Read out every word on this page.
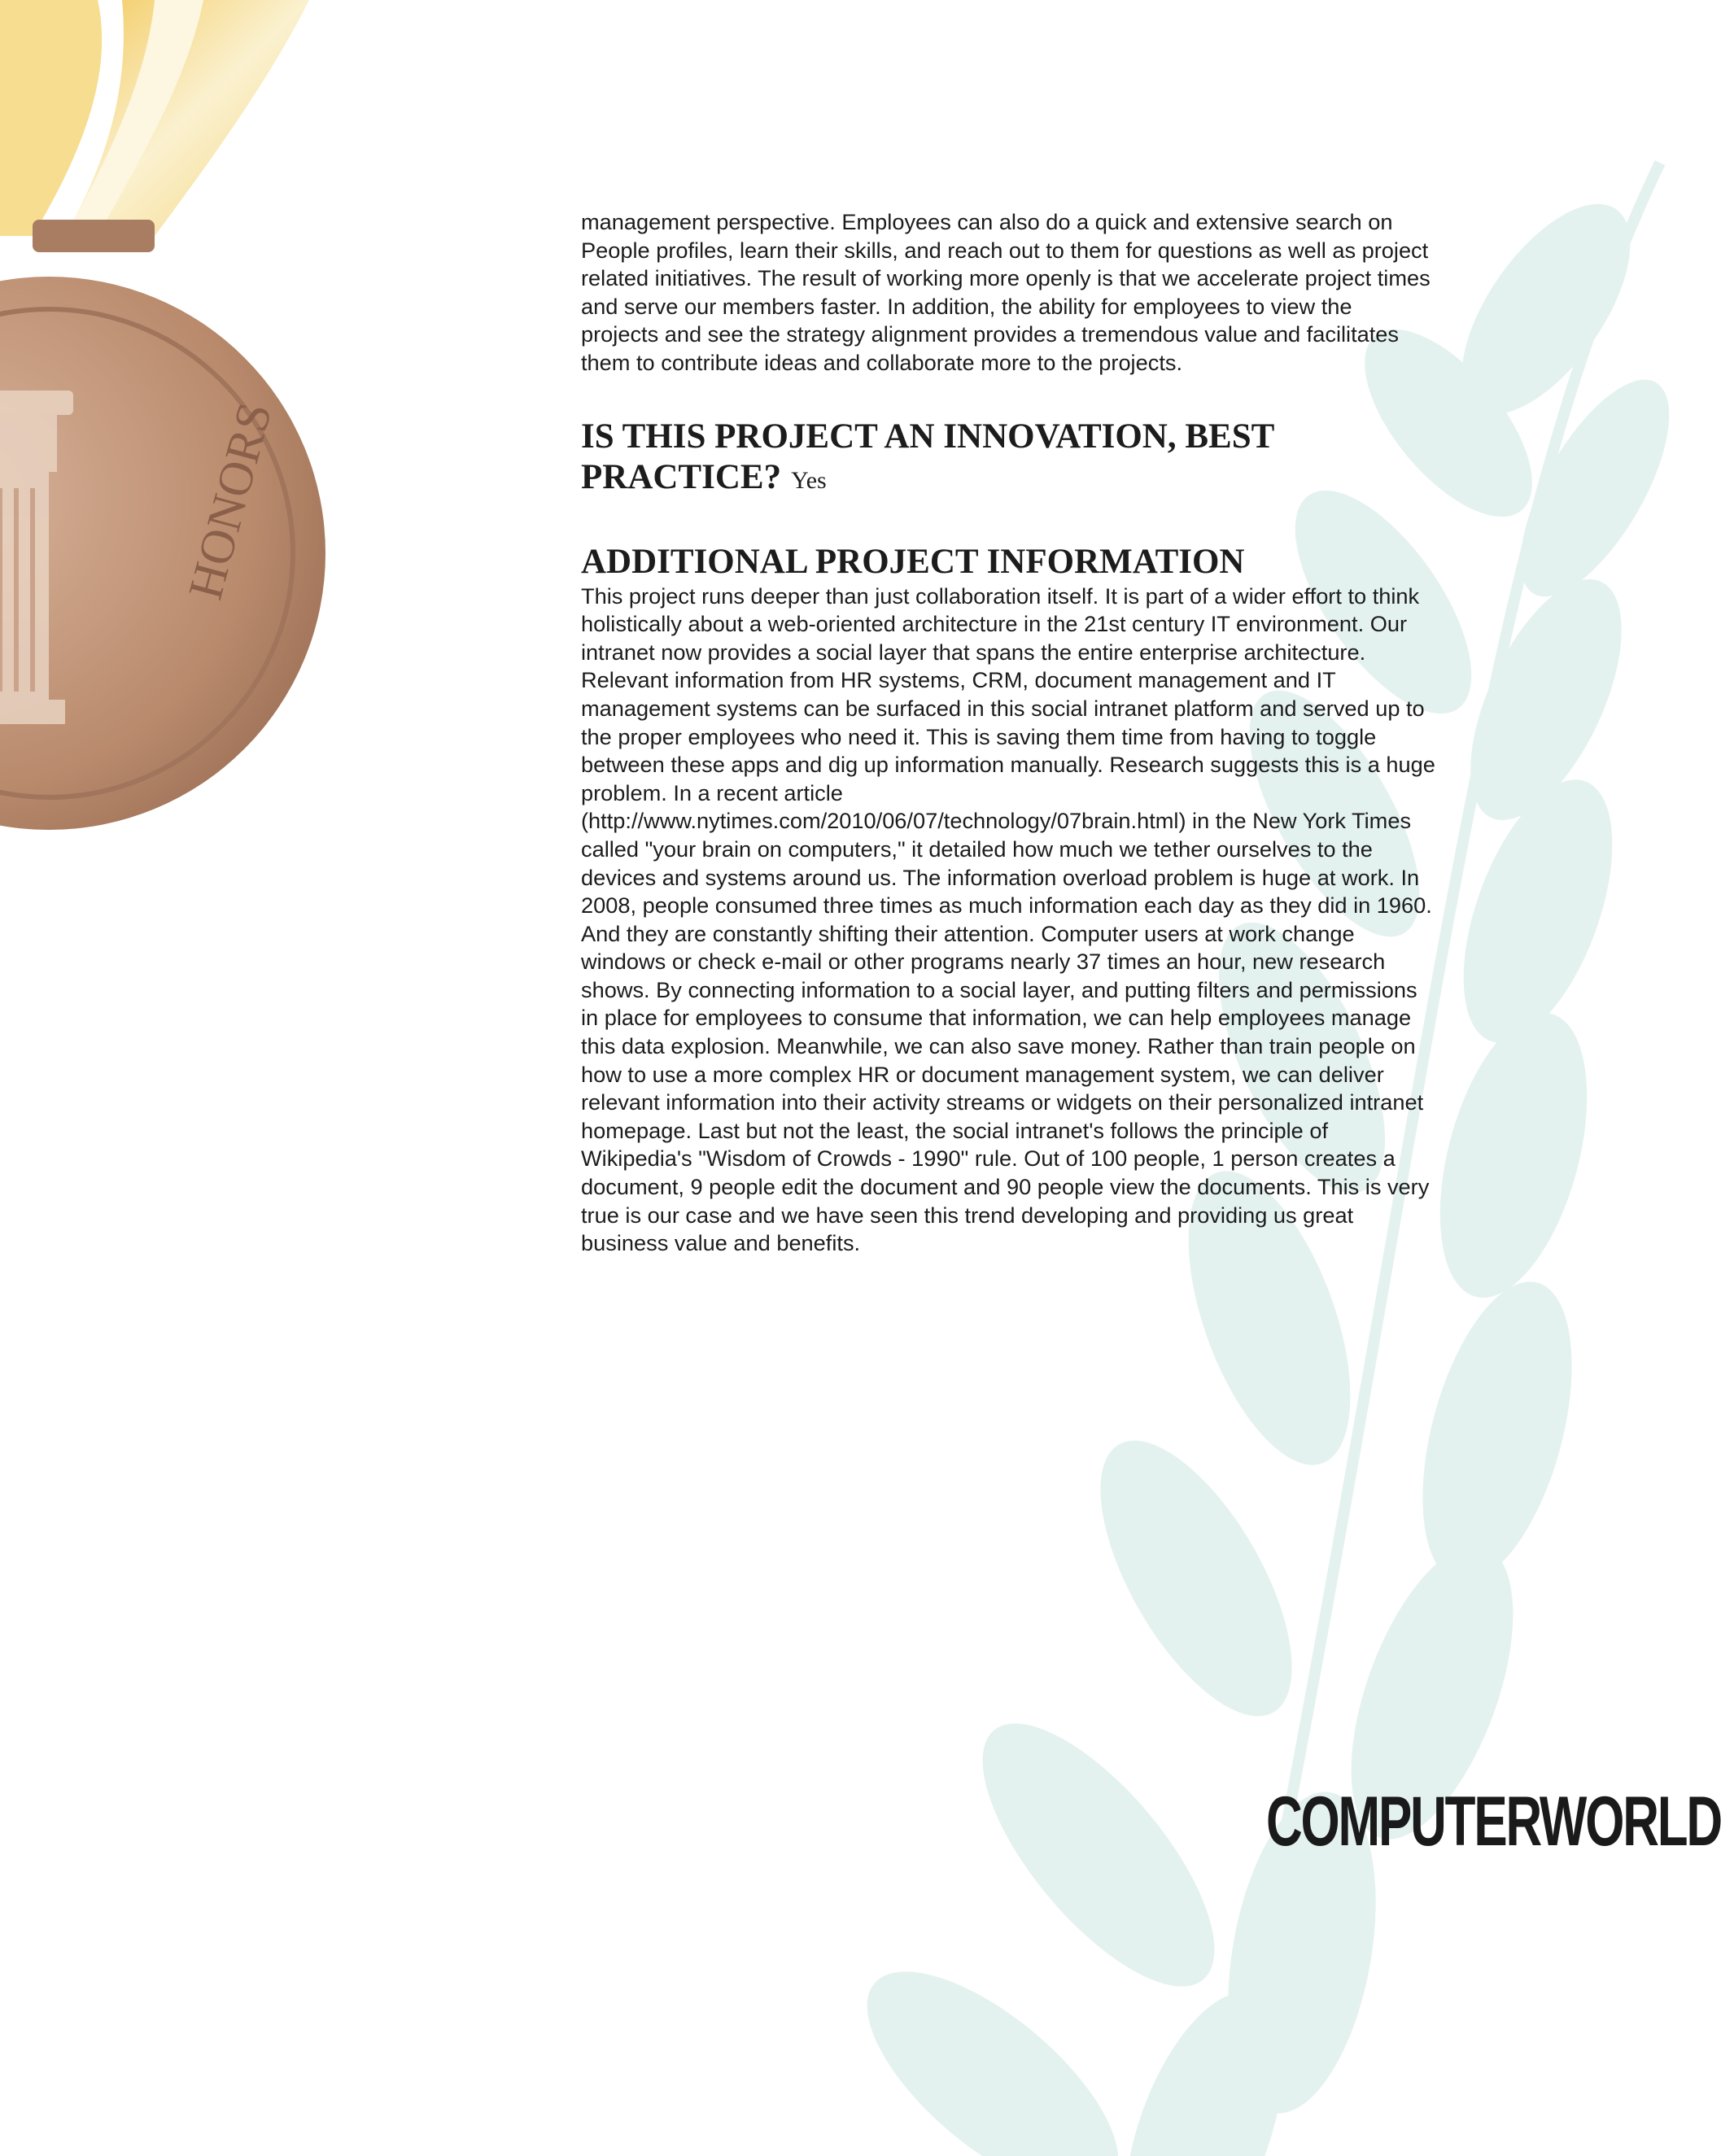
HONORS

management perspective. Employees can also do a quick and extensive search on People profiles, learn their skills, and reach out to them for questions as well as project related initiatives. The result of working more openly is that we accelerate project times and serve our members faster. In addition, the ability for employees to view the projects and see the strategy alignment provides a tremendous value and facilitates them to contribute ideas and collaborate more to the projects.

IS THIS PROJECT AN INNOVATION, BEST
PRACTICE? Yes
ADDITIONAL PROJECT INFORMATION

This project runs deeper than just collaboration itself. It is part of a wider effort to think holistically about a web-oriented architecture in the 21st century IT environment. Our intranet now provides a social layer that spans the entire enterprise architecture. Relevant information from HR systems, CRM, document management and IT management systems can be surfaced in this social intranet platform and served up to the proper employees who need it. This is saving them time from having to toggle between these apps and dig up information manually. Research suggests this is a huge problem. In a recent article (http://www.nytimes.com/2010/06/07/technology/07brain.html) in the New York Times called "your brain on computers," it detailed how much we tether ourselves to the devices and systems around us. The information overload problem is huge at work. In 2008, people consumed three times as much information each day as they did in 1960. And they are constantly shifting their attention. Computer users at work change windows or check e-mail or other programs nearly 37 times an hour, new research shows. By connecting information to a social layer, and putting filters and permissions in place for employees to consume that information, we can help employees manage this data explosion. Meanwhile, we can also save money. Rather than train people on how to use a more complex HR or document management system, we can deliver relevant information into their activity streams or widgets on their personalized intranet homepage. Last but not the least, the social intranet's follows the principle of Wikipedia's "Wisdom of Crowds - 1990" rule. Out of 100 people, 1 person creates a document, 9 people edit the document and 90 people view the documents. This is very true is our case and we have seen this trend developing and providing us great business value and benefits.

COMPUTERWORLD
